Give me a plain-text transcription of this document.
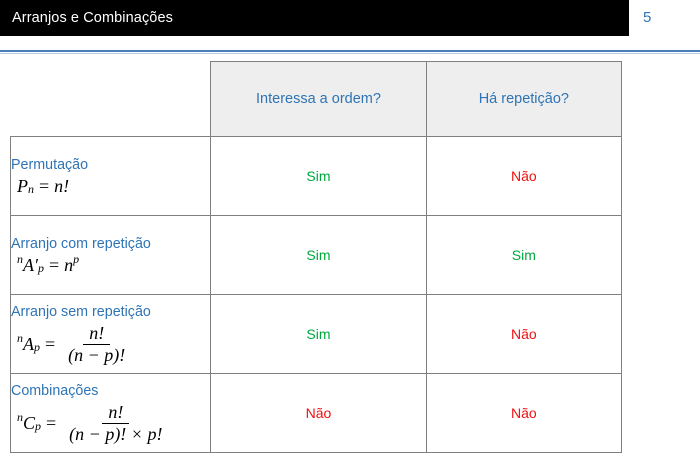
Arranjos e Combinações	5
	Interessa a ordem?	Há repetição?

Permutação
P n = n!	Sim	Não

Arranjo com repetição
n A′ p = n p	Sim	Sim

Arranjo sem repetição
n A $p = \frac{n!}{(n - p)!}$	Sim	Não

Combinações
n C $p = \frac{n!}{(n - p)! \times p!}$	Não	Não
